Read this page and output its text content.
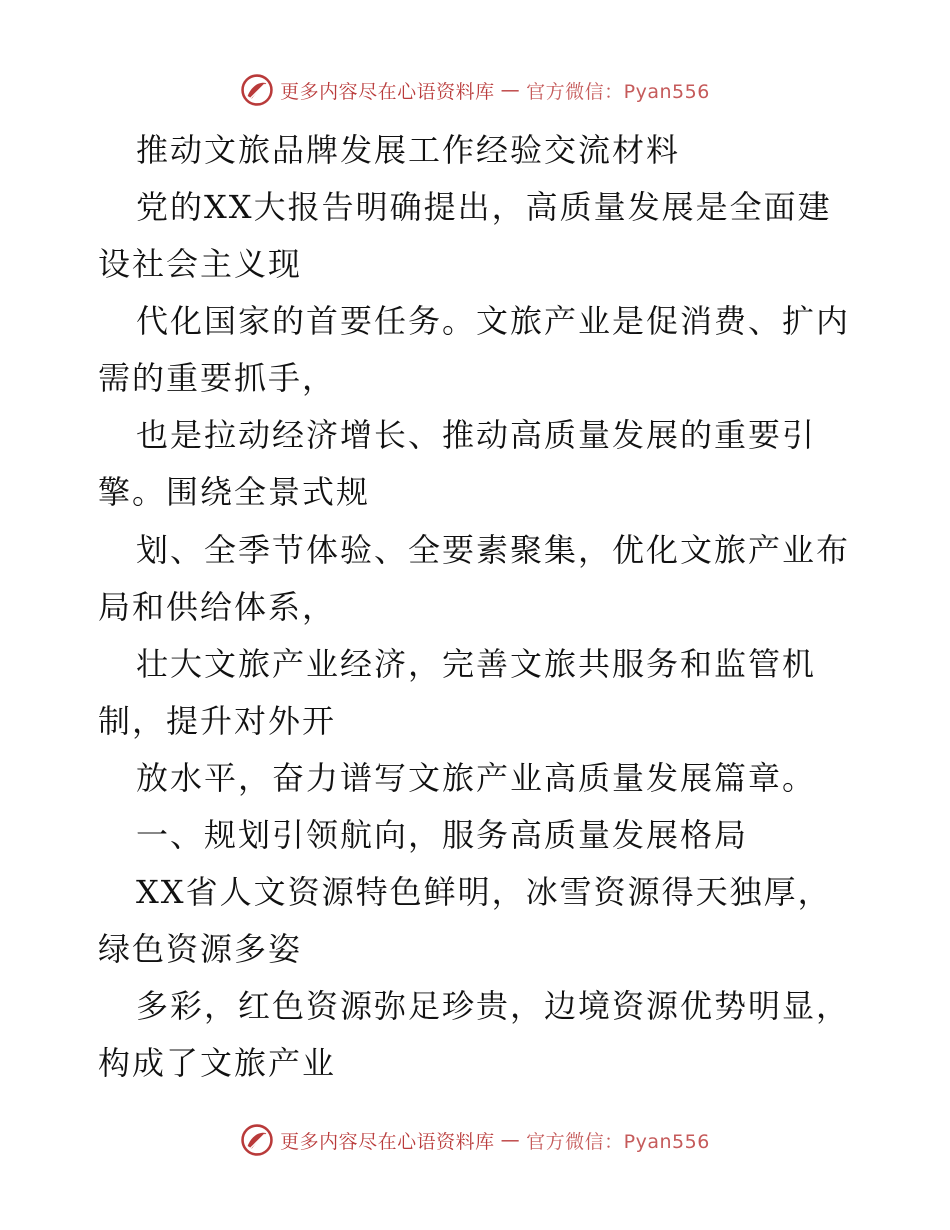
更多内容尽在心语资料库 — 官方微信：Pyan556
推动文旅品牌发展工作经验交流材料
党的XX大报告明确提出，高质量发展是全面建
设社会主义现
代化国家的首要任务。文旅产业是促消费、扩内
需的重要抓手，
也是拉动经济增长、推动高质量发展的重要引
擎。围绕全景式规
划、全季节体验、全要素聚集，优化文旅产业布
局和供给体系，
壮大文旅产业经济，完善文旅共服务和监管机
制，提升对外开
放水平，奋力谱写文旅产业高质量发展篇章。
一、规划引领航向，服务高质量发展格局
XX省人文资源特色鲜明，冰雪资源得天独厚，
绿色资源多姿
多彩，红色资源弥足珍贵，边境资源优势明显，
构成了文旅产业
更多内容尽在心语资料库 — 官方微信：Pyan556
